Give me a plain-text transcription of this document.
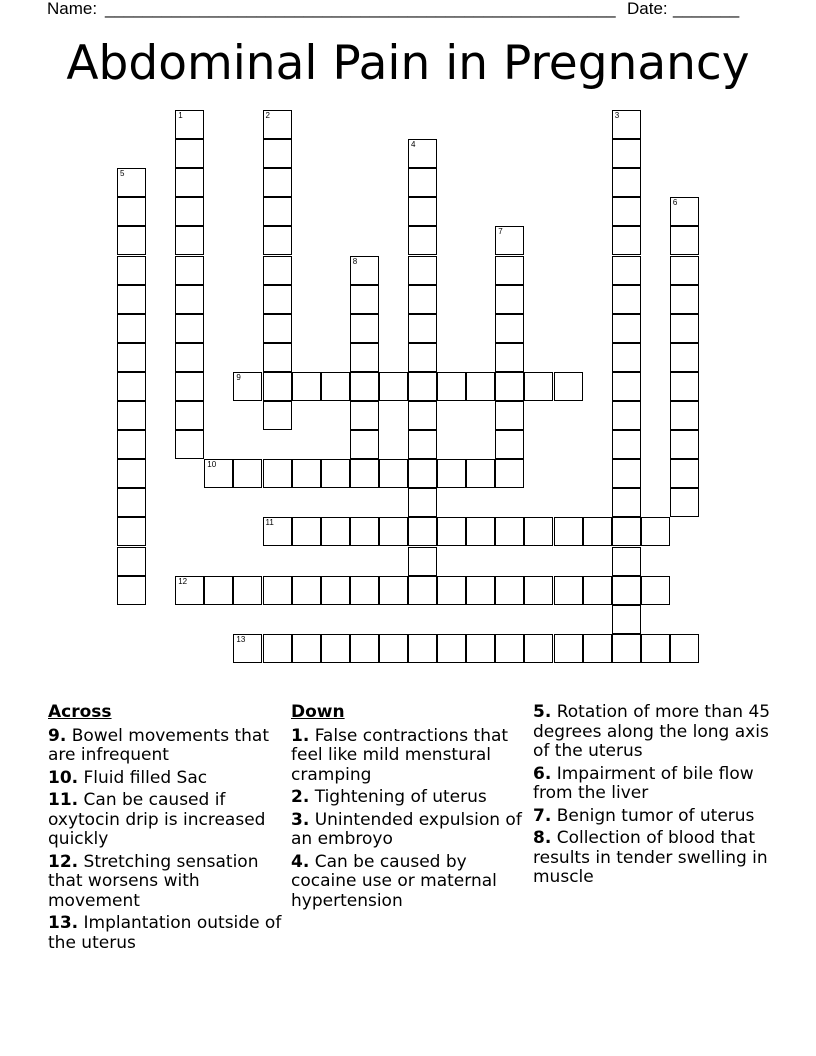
Name: ______________________________________________________ Date: _______
Abdominal Pain in Pregnancy
1	2	3
4
5
6
7
8
9
10
11
12
13
Across
9. Bowel movements that are infrequent
10. Fluid filled Sac
11. Can be caused if oxytocin drip is increased quickly
12. Stretching sensation that worsens with movement
13. Implantation outside of the uterus
Down
1. False contractions that feel like mild menstural cramping
2. Tightening of uterus
3. Unintended expulsion of an embroyo
4. Can be caused by cocaine use or maternal hypertension
5. Rotation of more than 45 degrees along the long axis of the uterus
6. Impairment of bile flow from the liver
7. Benign tumor of uterus
8. Collection of blood that results in tender swelling in muscle
